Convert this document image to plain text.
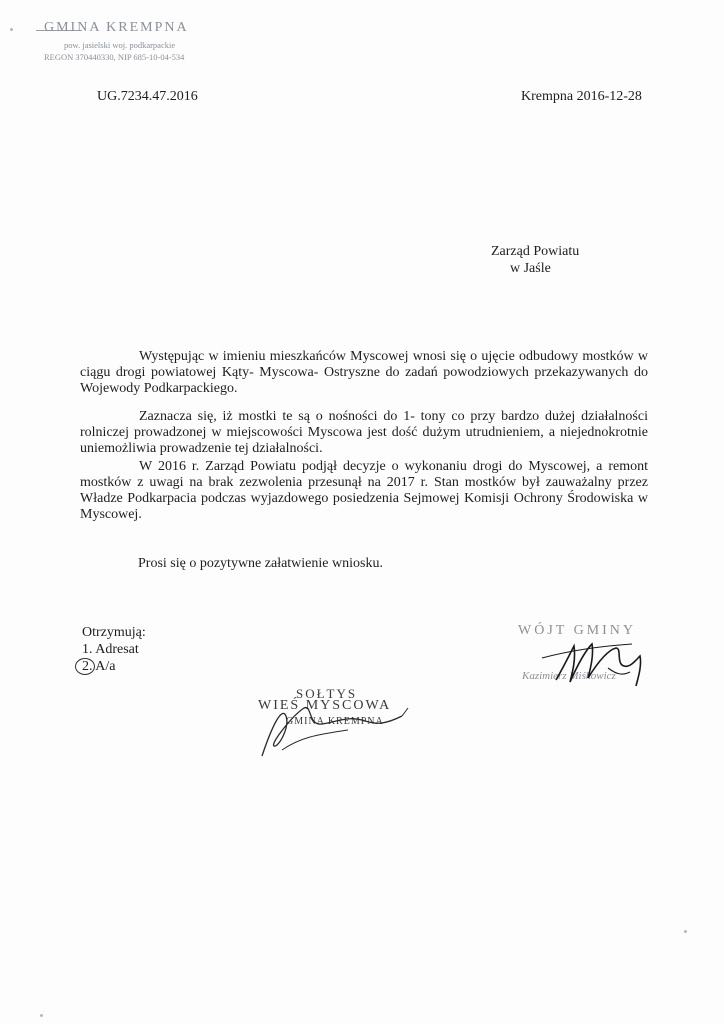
GMINA KREMPNA
pow. jasielski woj. podkarpackie
REGON 370440330, NIP 685-10-04-534
UG.7234.47.2016	Krempna 2016-12-28
Zarząd Powiatu
w Jaśle

Występując w imieniu mieszkańców Myscowej wnosi się o ujęcie odbudowy mostków w ciągu drogi powiatowej Kąty- Myscowa- Ostryszne do zadań powodziowych przekazywanych do Wojewody Podkarpackiego.

Zaznacza się, iż mostki te są o nośności do 1- tony co przy bardzo dużej działalności rolniczej prowadzonej w miejscowości Myscowa jest dość dużym utrudnieniem, a niejednokrotnie uniemożliwia prowadzenie tej działalności.

W 2016 r. Zarząd Powiatu podjął decyzje o wykonaniu drogi do Myscowej, a remont mostków z uwagi na brak zezwolenia przesunął na 2017 r. Stan mostków był zauważalny przez Władze Podkarpacia podczas wyjazdowego posiedzenia Sejmowej Komisji Ochrony Środowiska w Myscowej.

Prosi się o pozytywne załatwienie wniosku.
Otrzymują:
1. Adresat
2. A/a
SOŁTYS
WIEŚ MYSCOWA
GMINA KREMPNA
WÓJT GMINY
Kazimierz Miśkowicz
